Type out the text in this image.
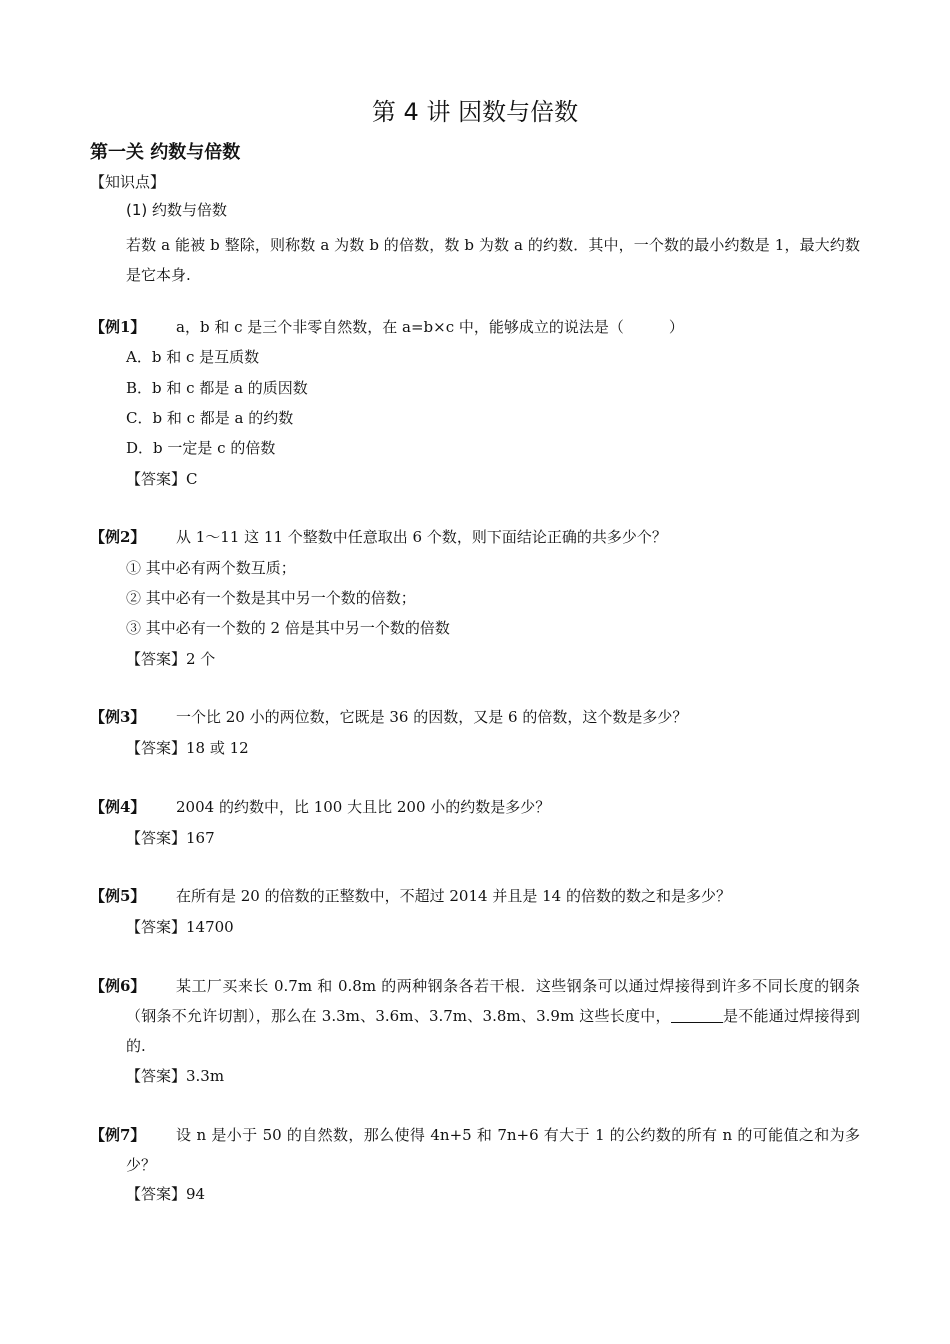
第 4 讲 因数与倍数
第一关 约数与倍数
【知识点】
(1) 约数与倍数
若数 a 能被 b 整除，则称数 a 为数 b 的倍数，数 b 为数 a 的约数．其中，一个数的最小约数是 1，最大约数是它本身.
【例1】 a，b 和 c 是三个非零自然数，在 a=b×c 中，能够成立的说法是（　　　）
A．b 和 c 是互质数
B．b 和 c 都是 a 的质因数
C．b 和 c 都是 a 的约数
D．b 一定是 c 的倍数
【答案】C
【例2】 从 1～11 这 11 个整数中任意取出 6 个数，则下面结论正确的共多少个？
① 其中必有两个数互质；
② 其中必有一个数是其中另一个数的倍数；
③ 其中必有一个数的 2 倍是其中另一个数的倍数
【答案】2 个
【例3】 一个比 20 小的两位数，它既是 36 的因数，又是 6 的倍数，这个数是多少？
【答案】18 或 12
【例4】 2004 的约数中，比 100 大且比 200 小的约数是多少？
【答案】167
【例5】 在所有是 20 的倍数的正整数中，不超过 2014 并且是 14 的倍数的数之和是多少？
【答案】14700
【例6】	某工厂买来长 0.7m 和 0.8m 的两种钢条各若干根．这些钢条可以通过焊接得到许多不同长度的钢条（钢条不允许切割），那么在 3.3m、3.6m、3.7m、3.8m、3.9m 这些长度中，	是不能通过焊接得到的.
【答案】3.3m
【例7】	设 n 是小于 50 的自然数，那么使得 4n+5 和 7n+6 有大于 1 的公约数的所有 n 的可能值之和为多少？
【答案】94
